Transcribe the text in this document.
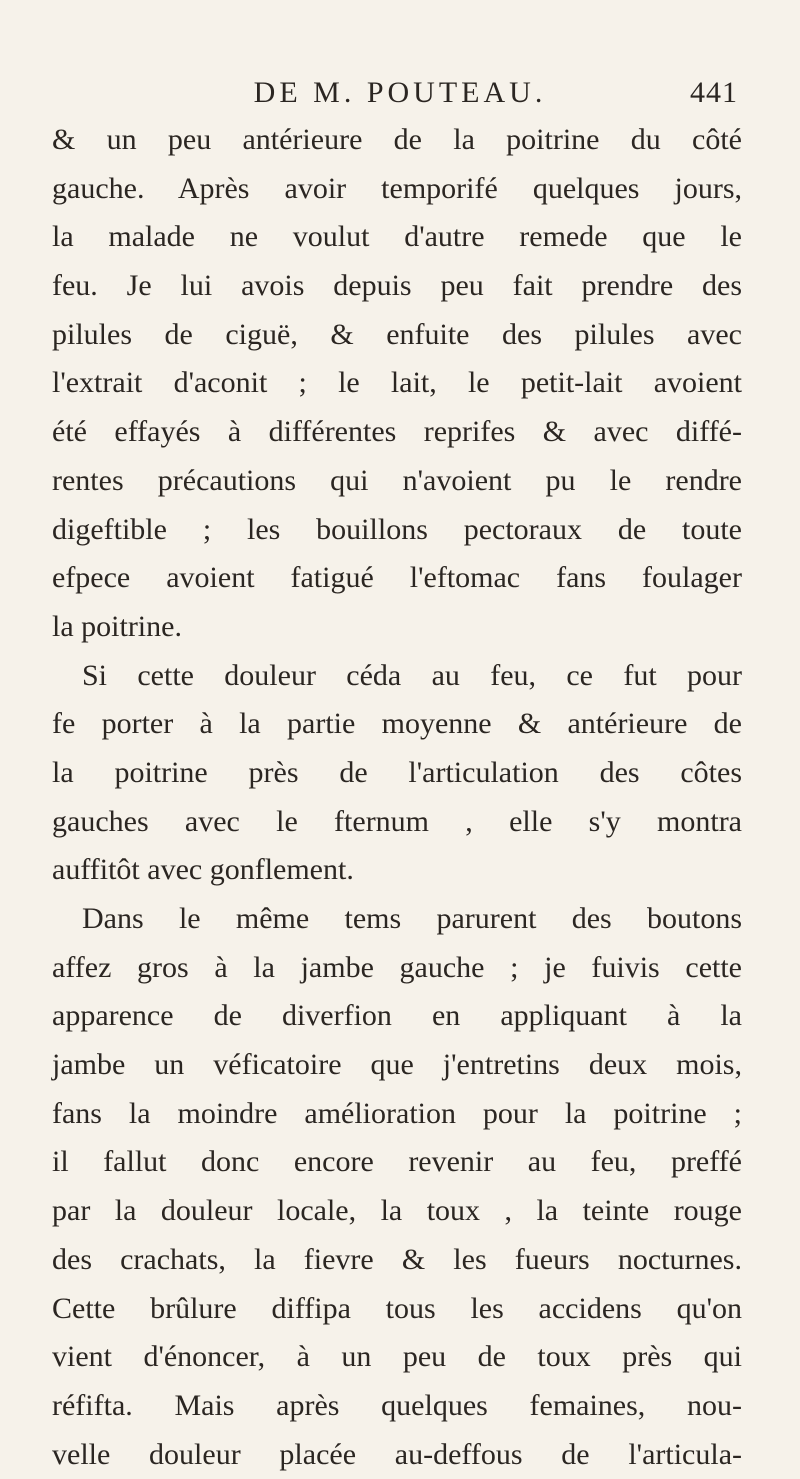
DE M. POUTEAU.	441
& un peu antérieure de la poitrine du côté
gauche. Après avoir temporifé quelques jours,
la malade ne voulut d'autre remede que le
feu. Je lui avois depuis peu fait prendre des
pilules de ciguë, & enfuite des pilules avec
l'extrait d'aconit ; le lait, le petit-lait avoient
été effayés à différentes reprifes & avec diffé-
rentes précautions qui n'avoient pu le rendre
digeftible ; les bouillons pectoraux de toute
efpece avoient fatigué l'eftomac fans foulager
la poitrine.
Si cette douleur céda au feu, ce fut pour
fe porter à la partie moyenne & antérieure de
la poitrine près de l'articulation des côtes
gauches avec le fternum , elle s'y montra
auffitôt avec gonflement.
Dans le même tems parurent des boutons
affez gros à la jambe gauche ; je fuivis cette
apparence de diverfion en appliquant à la
jambe un véficatoire que j'entretins deux mois,
fans la moindre amélioration pour la poitrine ;
il fallut donc encore revenir au feu, preffé
par la douleur locale, la toux , la teinte rouge
des crachats, la fievre & les fueurs nocturnes.
Cette brûlure diffipa tous les accidens qu'on
vient d'énoncer, à un peu de toux près qui
réfifta. Mais après quelques femaines, nou-
velle douleur placée au-deffous de l'articula-
